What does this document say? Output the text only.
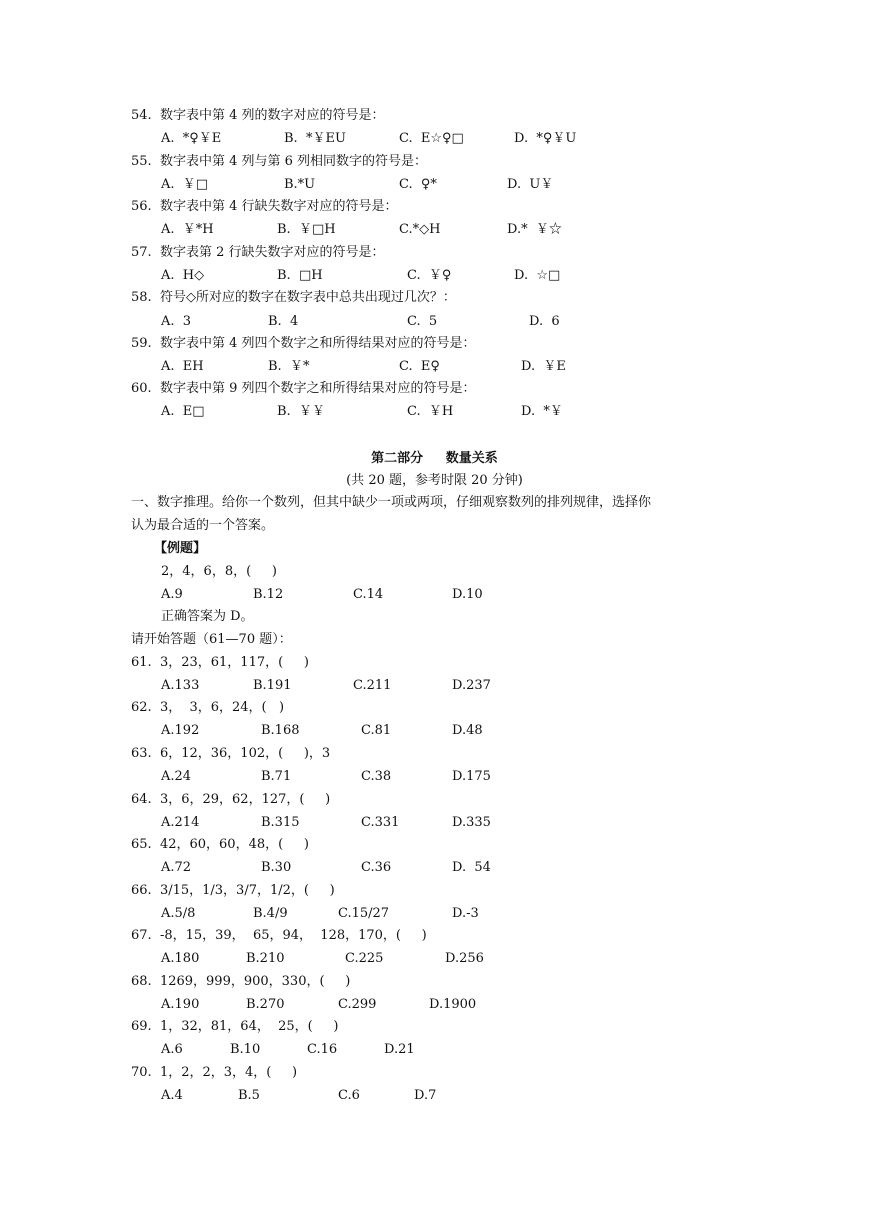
54.  数字表中第 4 列的数字对应的符号是：
A.  *♀￥E	B.  *￥EU	C.  E☆♀□	D.  *♀￥U
55.  数字表中第 4 列与第 6 列相同数字的符号是：
A.  ￥□	B.*U	C.  ♀*	D.  U￥
56.  数字表中第 4 行缺失数字对应的符号是：
A.  ￥*H	B.  ￥□H	C.*◇H	D.*  ￥☆
57.  数字表第 2 行缺失数字对应的符号是：
A.  H◇	B.  □H	C.  ￥♀	D.  ☆□
58.  符号◇所对应的数字在数字表中总共出现过几次？：
A.  3	B.  4	C.  5	D.  6
59.  数字表中第 4 列四个数字之和所得结果对应的符号是：
A.  EH	B.  ￥*	C.  E♀	D.  ￥E
60.  数字表中第 9 列四个数字之和所得结果对应的符号是：
A.  E□	B.  ￥￥	C.  ￥H	D.  *￥
第二部分     数量关系
(共 20 题，参考时限 20 分钟)
一、数字推理。给你一个数列，但其中缺少一项或两项，仔细观察数列的排列规律，选择你
认为最合适的一个答案。
【例题】
2，4，6，8，(     )
A.9	B.12	C.14	D.10
正确答案为 D。
请开始答题（61—70 题）：
61.  3，23，61，117，(     )
A.133	B.191	C.211	D.237
62.  3，  3，6，24，(   )
A.192	B.168	C.81	D.48
63.  6，12，36，102，(     )，3
A.24	B.71	C.38	D.175
64.  3，6，29，62，127，(     )
A.214	B.315	C.331	D.335
65.  42，60，60，48，(     )
A.72	B.30	C.36	D.  54
66.  3/15，1/3，3/7，1/2，(     )
A.5/8	B.4/9	C.15/27	D.-3
67.  -8，15，39，  65，94，  128，170，(     )
A.180	B.210	C.225	D.256
68.  1269，999，900，330，(     )
A.190	B.270	C.299	D.1900
69.  1，32，81，64，  25，(     )
A.6	B.10	C.16	D.21
70.  1，2，2，3，4，(     )
A.4	B.5	C.6	D.7
